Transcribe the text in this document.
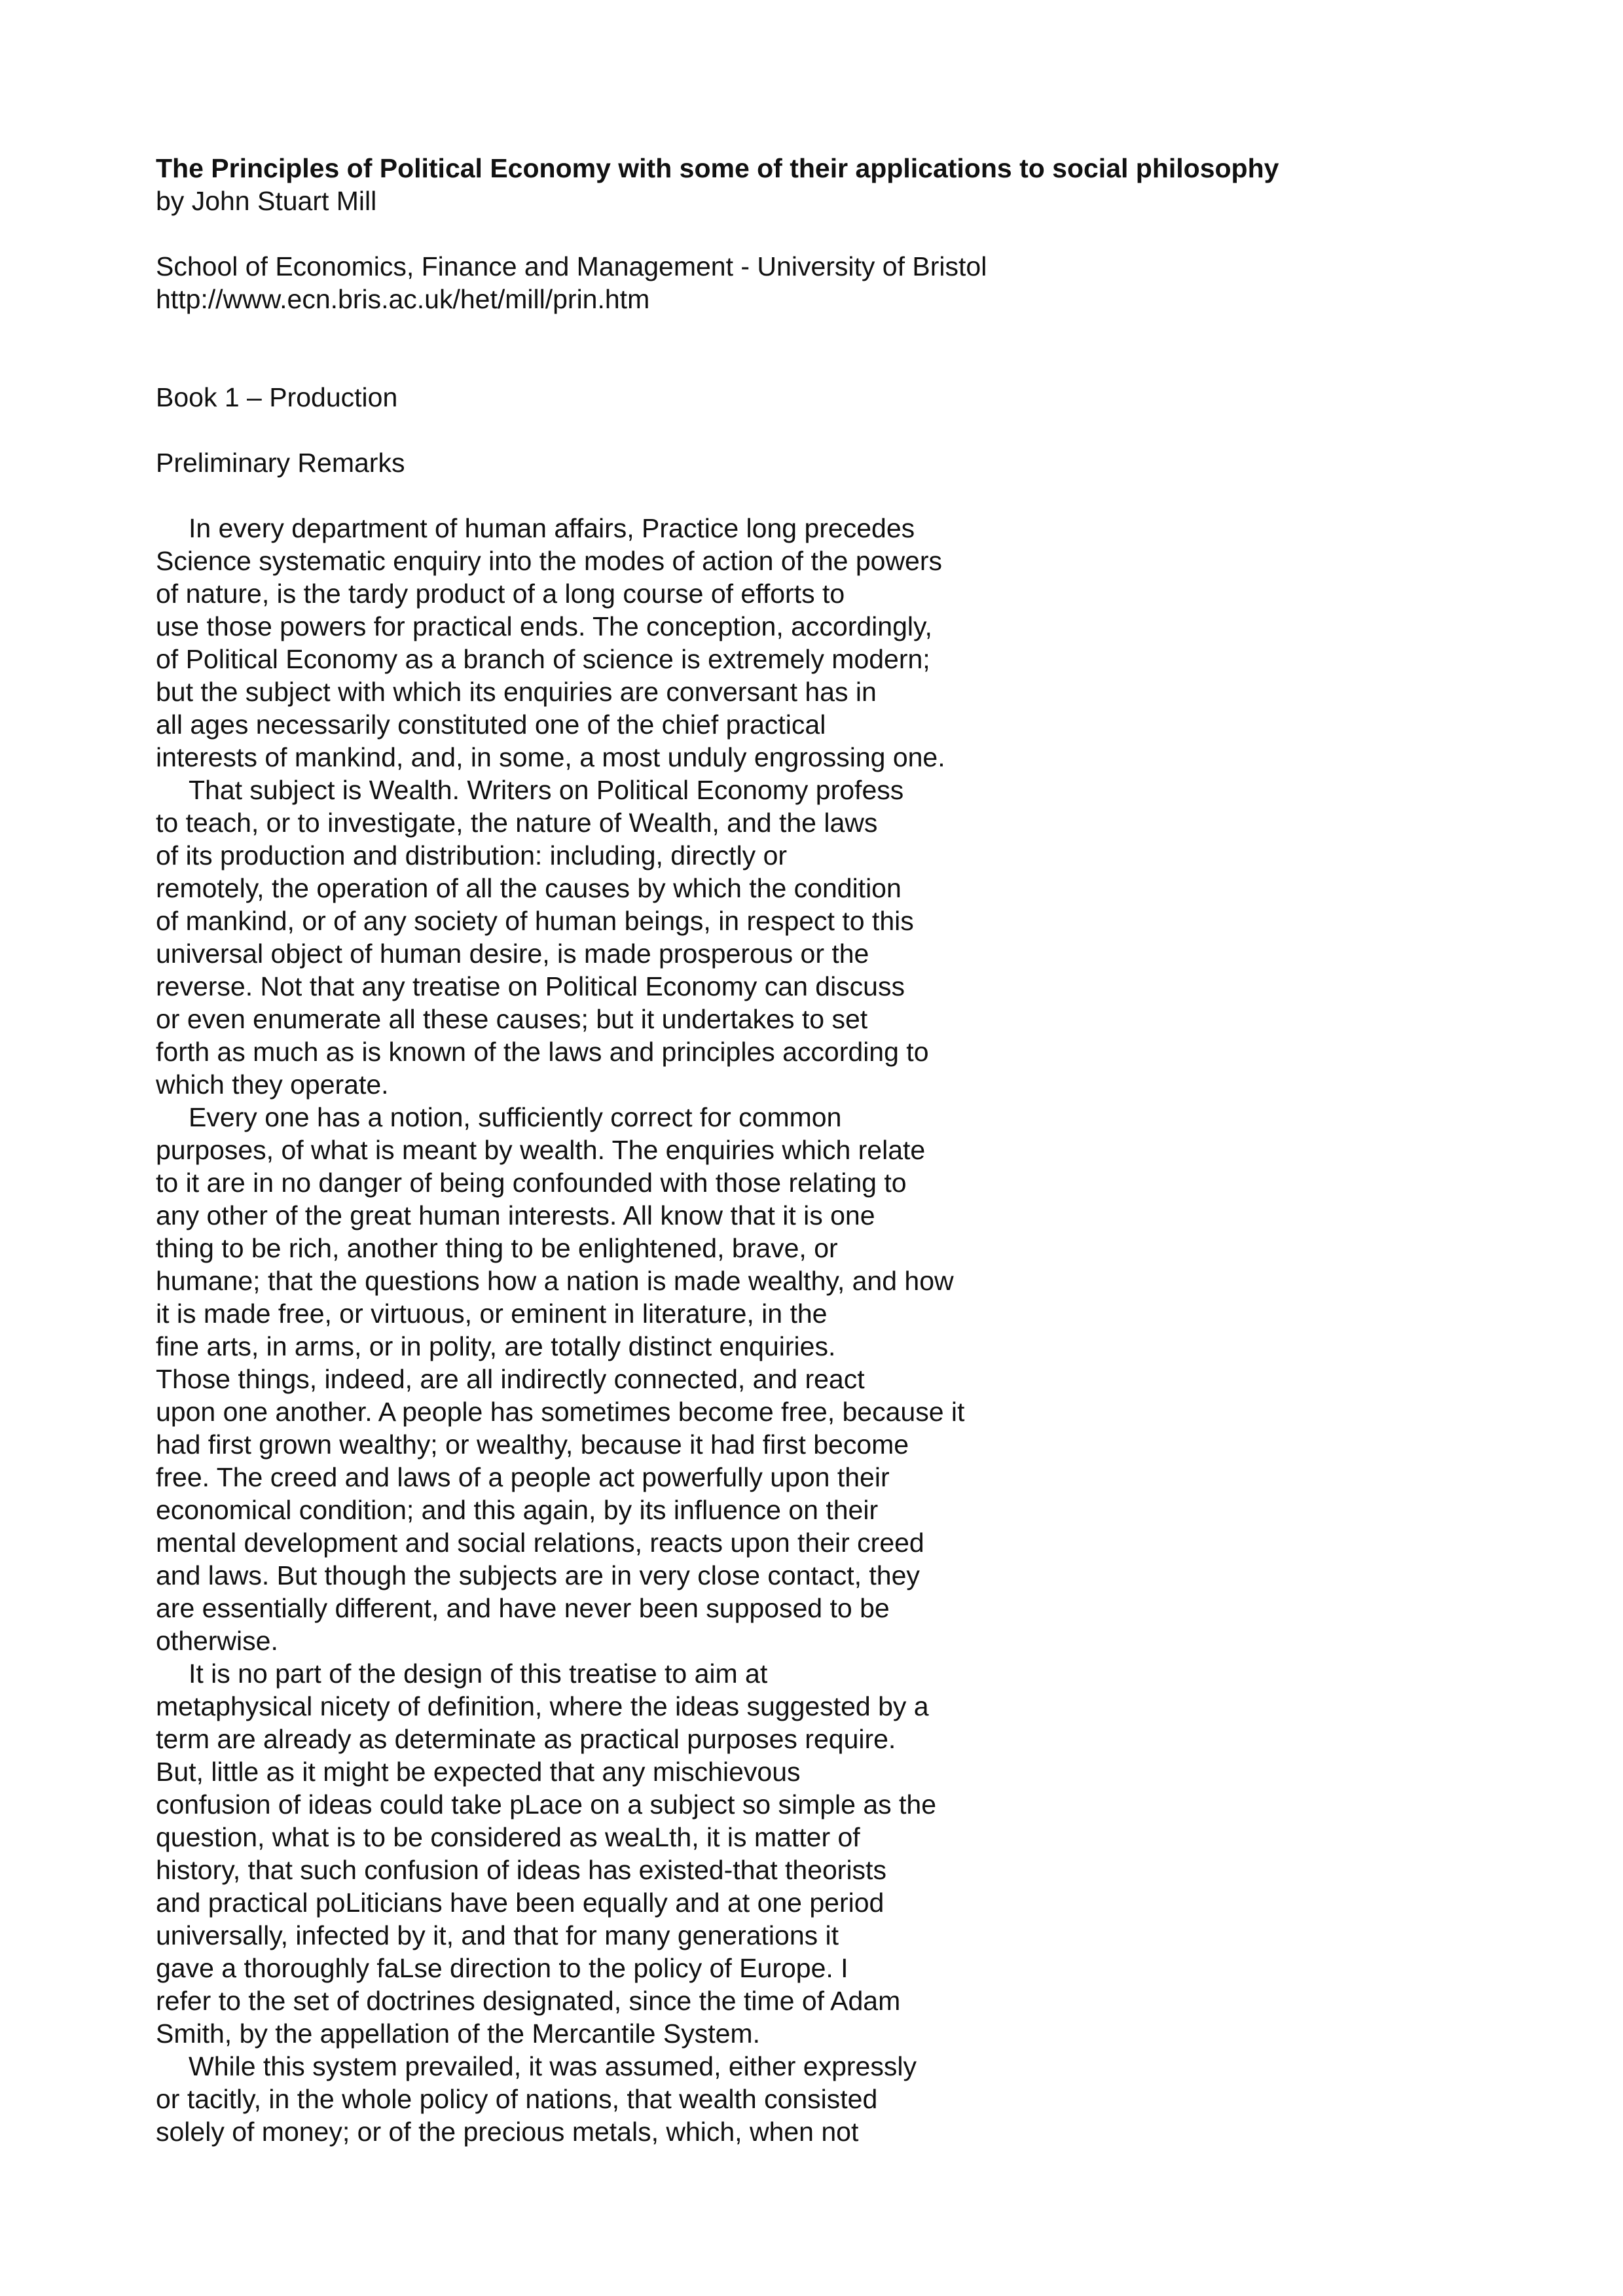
The Principles of Political Economy with some of their applications to social philosophy
by John Stuart Mill
School of Economics, Finance and Management - University of Bristol
http://www.ecn.bris.ac.uk/het/mill/prin.htm
Book 1 – Production
Preliminary Remarks
In every department of human affairs, Practice long precedes
Science systematic enquiry into the modes of action of the powers
of nature, is the tardy product of a long course of efforts to
use those powers for practical ends. The conception, accordingly,
of Political Economy as a branch of science is extremely modern;
but the subject with which its enquiries are conversant has in
all ages necessarily constituted one of the chief practical
interests of mankind, and, in some, a most unduly engrossing one.
That subject is Wealth. Writers on Political Economy profess
to teach, or to investigate, the nature of Wealth, and the laws
of its production and distribution: including, directly or
remotely, the operation of all the causes by which the condition
of mankind, or of any society of human beings, in respect to this
universal object of human desire, is made prosperous or the
reverse. Not that any treatise on Political Economy can discuss
or even enumerate all these causes; but it undertakes to set
forth as much as is known of the laws and principles according to
which they operate.
Every one has a notion, sufficiently correct for common
purposes, of what is meant by wealth. The enquiries which relate
to it are in no danger of being confounded with those relating to
any other of the great human interests. All know that it is one
thing to be rich, another thing to be enlightened, brave, or
humane; that the questions how a nation is made wealthy, and how
it is made free, or virtuous, or eminent in literature, in the
fine arts, in arms, or in polity, are totally distinct enquiries.
Those things, indeed, are all indirectly connected, and react
upon one another. A people has sometimes become free, because it
had first grown wealthy; or wealthy, because it had first become
free. The creed and laws of a people act powerfully upon their
economical condition; and this again, by its influence on their
mental development and social relations, reacts upon their creed
and laws. But though the subjects are in very close contact, they
are essentially different, and have never been supposed to be
otherwise.
It is no part of the design of this treatise to aim at
metaphysical nicety of definition, where the ideas suggested by a
term are already as determinate as practical purposes require.
But, little as it might be expected that any mischievous
confusion of ideas could take pLace on a subject so simple as the
question, what is to be considered as weaLth, it is matter of
history, that such confusion of ideas has existed-that theorists
and practical poLiticians have been equally and at one period
universally, infected by it, and that for many generations it
gave a thoroughly faLse direction to the policy of Europe. I
refer to the set of doctrines designated, since the time of Adam
Smith, by the appellation of the Mercantile System.
While this system prevailed, it was assumed, either expressly
or tacitly, in the whole policy of nations, that wealth consisted
solely of money; or of the precious metals, which, when not
